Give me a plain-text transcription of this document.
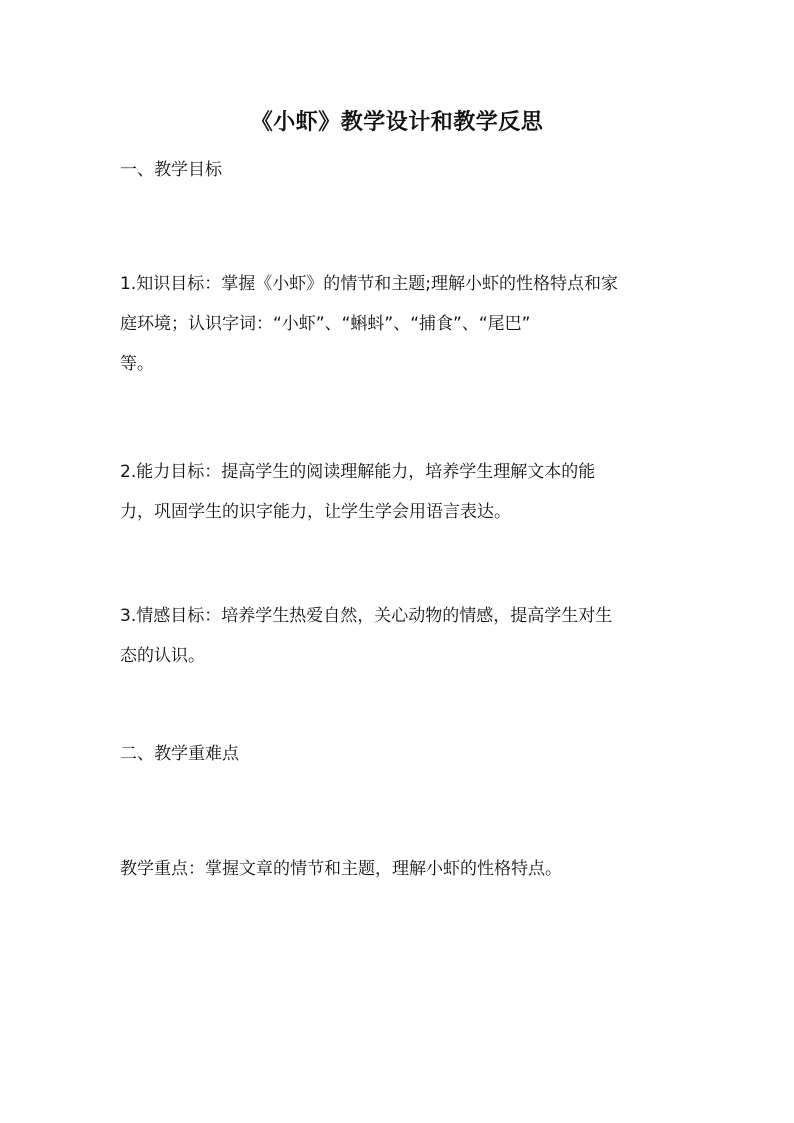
《小虾》教学设计和教学反思
一、教学目标
1.知识目标：掌握《小虾》的情节和主题;理解小虾的性格特点和家
庭环境；认识字词：“小虾”、“蝌蚪”、“捕食”、“尾巴”
等。
2.能力目标：提高学生的阅读理解能力，培养学生理解文本的能
力，巩固学生的识字能力，让学生学会用语言表达。
3.情感目标：培养学生热爱自然，关心动物的情感，提高学生对生
态的认识。
二、教学重难点
教学重点：掌握文章的情节和主题，理解小虾的性格特点。
